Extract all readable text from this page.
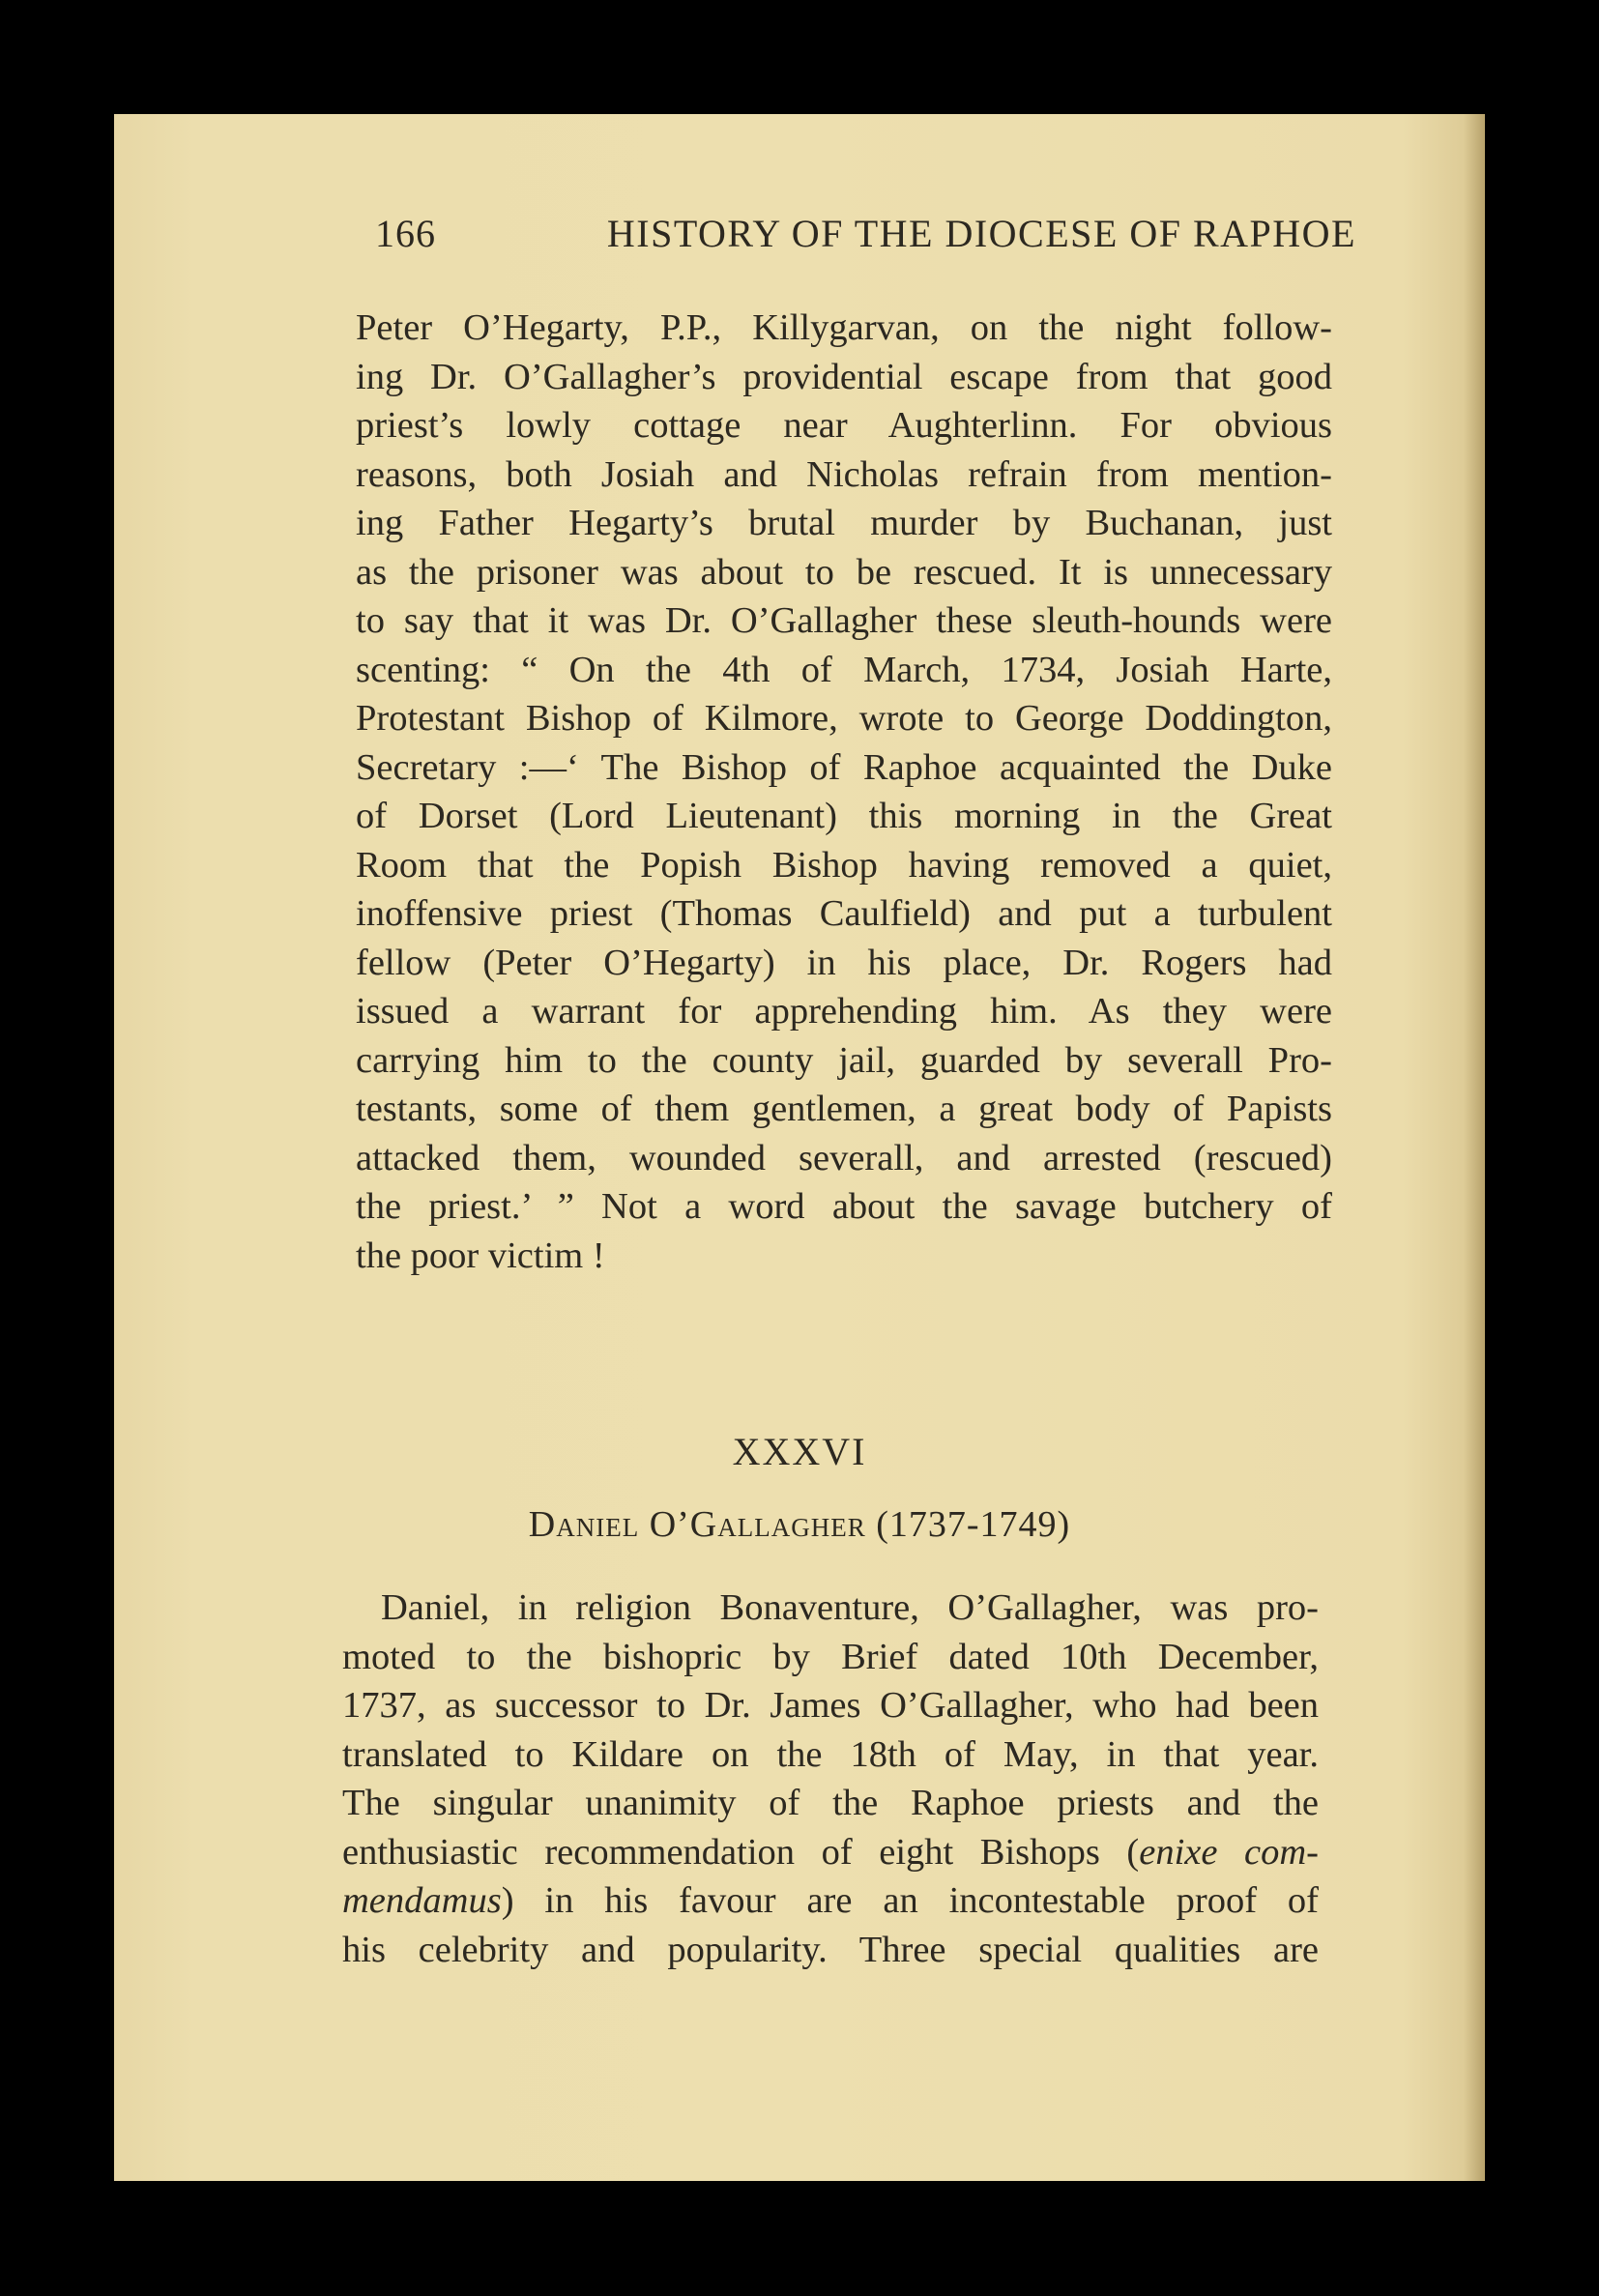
166	HISTORY OF THE DIOCESE OF RAPHOE
Peter O’Hegarty, P.P., Killygarvan, on the night follow-
ing Dr. O’Gallagher’s providential escape from that good
priest’s lowly cottage near Aughterlinn. For obvious
reasons, both Josiah and Nicholas refrain from mention-
ing Father Hegarty’s brutal murder by Buchanan, just
as the prisoner was about to be rescued. It is unnecessary
to say that it was Dr. O’Gallagher these sleuth-hounds were
scenting: “ On the 4th of March, 1734, Josiah Harte,
Protestant Bishop of Kilmore, wrote to George Doddington,
Secretary :—‘ The Bishop of Raphoe acquainted the Duke
of Dorset (Lord Lieutenant) this morning in the Great
Room that the Popish Bishop having removed a quiet,
inoffensive priest (Thomas Caulfield) and put a turbulent
fellow (Peter O’Hegarty) in his place, Dr. Rogers had
issued a warrant for apprehending him. As they were
carrying him to the county jail, guarded by severall Pro-
testants, some of them gentlemen, a great body of Papists
attacked them, wounded severall, and arrested (rescued)
the priest.’ ” Not a word about the savage butchery of
the poor victim !
XXXVI
Daniel O’Gallagher (1737-1749)
Daniel, in religion Bonaventure, O’Gallagher, was pro-
moted to the bishopric by Brief dated 10th December,
1737, as successor to Dr. James O’Gallagher, who had been
translated to Kildare on the 18th of May, in that year.
The singular unanimity of the Raphoe priests and the
enthusiastic recommendation of eight Bishops (enixe com-
mendamus) in his favour are an incontestable proof of
his celebrity and popularity. Three special qualities are
